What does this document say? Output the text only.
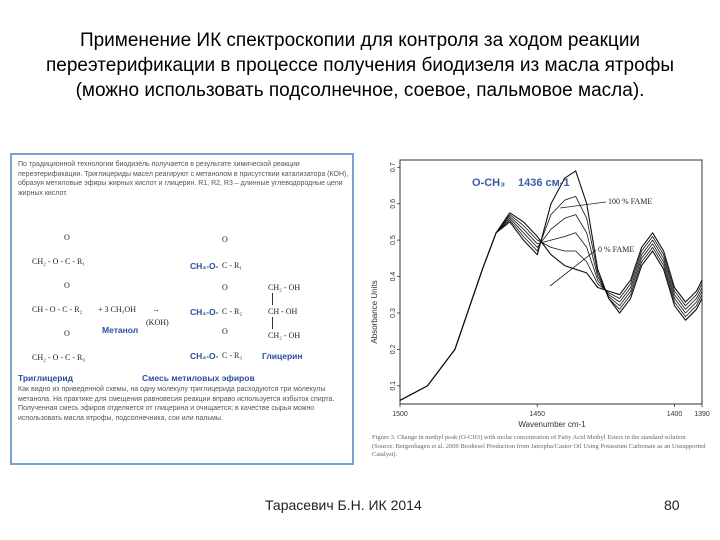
Применение ИК спектроскопии для контроля за ходом реакции
переэтерификации в процессе получения биодизеля из масла ятрофы
(можно использовать подсолнечное, соевое, пальмовое масла).
По традиционной технологии биодизель получается в результате химической реакции переэтерификации. Триглицериды масел реагируют с метанолом в присутствии катализатора (КОН), образуя метиловые эфиры жирных кислот и глицерин. R1, R2, R3 – длинные углеводородные цепи жирных кислот.
O
CH₂ - O - C - R₁
O
CH - O - C - R₂
O
CH₂ - O - C - R₃
+ 3 CH₃OH →
(KOH)
Метанол
O
CH₃-O- C - R₁
O
CH₃-O- C - R₂
O
CH₃-O- C - R₃
CH₂ - OH
CH - OH
CH₂ - OH
Глицерин
Триглицерид	Смесь метиловых эфиров
Как видно из приведенной схемы, на одну молекулу триглицерида расходуются три молекулы метанола. На практике для смещения равновесия реакции вправо используется избыток спирта. Полученная смесь эфиров отделяется от глицерина и очищается; в качестве сырья можно использовать масла ятрофы, подсолнечника, сои или пальмы.
0.1
0.2
0.3
0.4
0.5
0.6
0.7
1500	1450	1400 1390
Absorbance Units
Wavenumber cm-1
O-CH₃ 1436 см-1
100 % FAME
0 % FAME
Figure 3. Change in methyl peak (O-CH3) with molar concentration of Fatty Acid Methyl Esters in the standard solution (Source: Bergenhagen et al. 2009 Biodiesel Production from Jatropha/Castor Oil Using Potassium Carbonate as an Unsupported Catalyst).
Тарасевич Б.Н. ИК 2014	80
